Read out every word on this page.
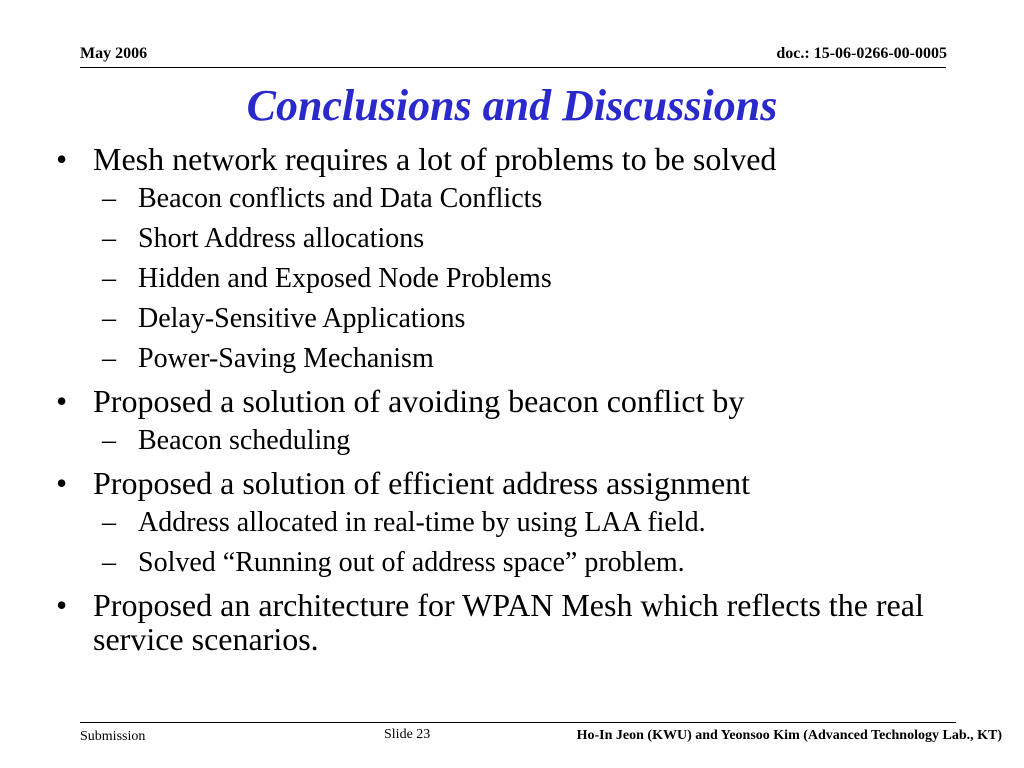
May 2006	doc.: 15-06-0266-00-0005
Conclusions and Discussions
• Mesh network requires a lot of problems to be solved
– Beacon conflicts and Data Conflicts
– Short Address allocations
– Hidden and Exposed Node Problems
– Delay-Sensitive Applications
– Power-Saving Mechanism
• Proposed a solution of avoiding beacon conflict by
– Beacon scheduling
• Proposed a solution of efficient address assignment
– Address allocated in real-time by using LAA field.
– Solved “Running out of address space” problem.
• Proposed an architecture for WPAN Mesh which reflects the real service scenarios.
Submission	Slide 23	Ho-In Jeon (KWU) and Yeonsoo Kim (Advanced Technology Lab., KT)
